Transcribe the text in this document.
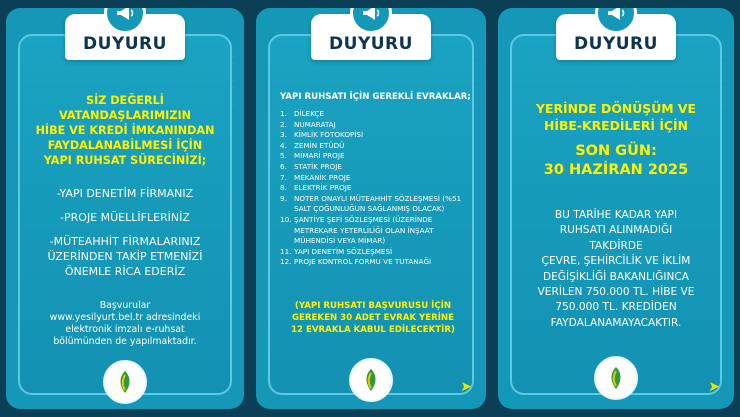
DUYURU
SİZ DEĞERLİ
VATANDAŞLARIMIZIN
HİBE VE KREDİ İMKANINDAN
FAYDALANABİLMESİ İÇİN
YAPI RUHSAT SÜRECİNİZİ;
-YAPI DENETİM FİRMANIZ
-PROJE MÜELLİFLERİNİZ
-MÜTEAHHİT FİRMALARINIZ ÜZERİNDEN TAKİP ETMENİZİ ÖNEMLE RİCA EDERİZ
Başvurular
www.yesilyurt.bel.tr adresindeki
elektronik imzalı e-ruhsat
bölümünden de yapılmaktadır.
DUYURU
YAPI RUHSATI İÇİN GEREKLİ EVRAKLAR;
1. DİLEKÇE
2. NUMARATAJ
3. KİMLİK FOTOKOPİSİ
4. ZEMİN ETÜDÜ
5. MİMARİ PROJE
6. STATİK PROJE
7. MEKANİK PROJE
8. ELEKTRİK PROJE
9. NOTER ONAYLI MÜTEAHHİT SÖZLEŞMESİ (%51 SALT ÇOĞUNLUĞUN SAĞLANMIŞ OLACAK)
10. ŞANTİYE ŞEFİ SÖZLEŞMESİ (ÜZERİNDE METREKARE YETERLİLİĞİ OLAN İNŞAAT MÜHENDİSİ VEYA MİMAR)
11. YAPI DENETİM SÖZLEŞMESİ
12. PROJE KONTROL FORMU VE TUTANAĞI
(YAPI RUHSATI BAŞVURUSU İÇİN
GEREKEN 30 ADET EVRAK YERİNE
12 EVRAKLA KABUL EDİLECEKTİR)
➤
DUYURU
YERİNDE DÖNÜŞÜM VE
HİBE-KREDİLERİ İÇİN
SON GÜN:
30 HAZİRAN 2025
BU TARİHE KADAR YAPI
RUHSATI ALINMADIĞI
TAKDİRDE
ÇEVRE, ŞEHİRCİLİK VE İKLİM
DEĞİŞİKLİĞİ BAKANLIĞINCA
VERİLEN 750.000 TL. HİBE VE
750.000 TL. KREDİDEN
FAYDALANAMAYACAKTIR.
➤
